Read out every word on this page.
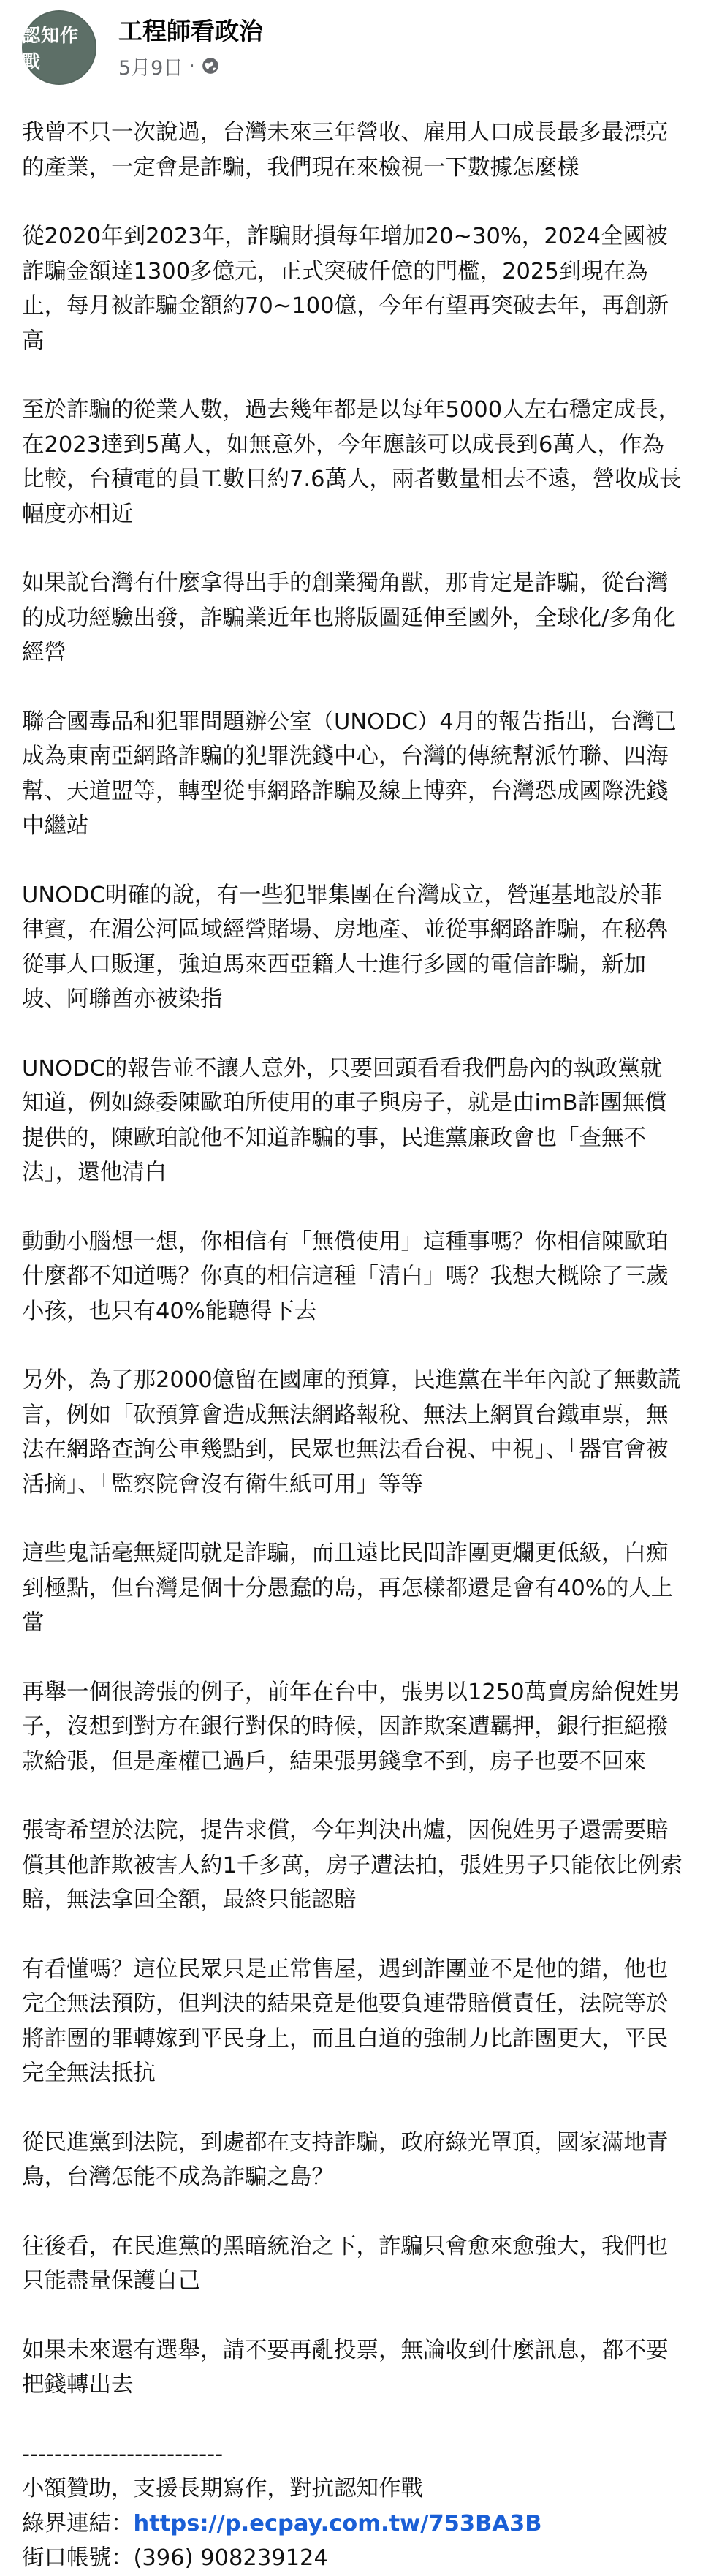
認知作戰
工程師看政治
5月9日 ·

我曾不只一次說過，台灣未來三年營收、雇用人口成長最多最漂亮的產業，一定會是詐騙，我們現在來檢視一下數據怎麼樣

從2020年到2023年，詐騙財損每年增加20~30%，2024全國被詐騙金額達1300多億元，正式突破仟億的門檻，2025到現在為止，每月被詐騙金額約70~100億，今年有望再突破去年，再創新高

至於詐騙的從業人數，過去幾年都是以每年5000人左右穩定成長，在2023達到5萬人，如無意外，今年應該可以成長到6萬人，作為比較，台積電的員工數目約7.6萬人，兩者數量相去不遠，營收成長幅度亦相近

如果說台灣有什麼拿得出手的創業獨角獸，那肯定是詐騙，從台灣的成功經驗出發，詐騙業近年也將版圖延伸至國外，全球化/多角化經營

聯合國毒品和犯罪問題辦公室（UNODC）4月的報告指出，台灣已成為東南亞網路詐騙的犯罪洗錢中心，台灣的傳統幫派竹聯、四海幫、天道盟等，轉型從事網路詐騙及線上博弈，台灣恐成國際洗錢中繼站

UNODC明確的說，有一些犯罪集團在台灣成立，營運基地設於菲律賓，在湄公河區域經營賭場、房地產、並從事網路詐騙，在秘魯從事人口販運，強迫馬來西亞籍人士進行多國的電信詐騙，新加坡、阿聯酋亦被染指

UNODC的報告並不讓人意外，只要回頭看看我們島內的執政黨就知道，例如綠委陳歐珀所使用的車子與房子，就是由imB詐團無償提供的，陳歐珀說他不知道詐騙的事，民進黨廉政會也「查無不法」，還他清白

動動小腦想一想，你相信有「無償使用」這種事嗎？你相信陳歐珀什麼都不知道嗎？你真的相信這種「清白」嗎？我想大概除了三歲小孩，也只有40%能聽得下去

另外，為了那2000億留在國庫的預算，民進黨在半年內說了無數謊言，例如「砍預算會造成無法網路報稅、無法上網買台鐵車票，無法在網路查詢公車幾點到，民眾也無法看台視、中視」、「器官會被活摘」、「監察院會沒有衛生紙可用」等等

這些鬼話毫無疑問就是詐騙，而且遠比民間詐團更爛更低級，白痴到極點，但台灣是個十分愚蠢的島，再怎樣都還是會有40%的人上當

再舉一個很誇張的例子，前年在台中，張男以1250萬賣房給倪姓男子，沒想到對方在銀行對保的時候，因詐欺案遭羈押，銀行拒絕撥款給張，但是產權已過戶，結果張男錢拿不到，房子也要不回來

張寄希望於法院，提告求償，今年判決出爐，因倪姓男子還需要賠償其他詐欺被害人約1千多萬，房子遭法拍，張姓男子只能依比例索賠，無法拿回全額，最終只能認賠

有看懂嗎？這位民眾只是正常售屋，遇到詐團並不是他的錯，他也完全無法預防，但判決的結果竟是他要負連帶賠償責任，法院等於將詐團的罪轉嫁到平民身上，而且白道的強制力比詐團更大，平民完全無法抵抗

從民進黨到法院，到處都在支持詐騙，政府綠光罩頂，國家滿地青鳥，台灣怎能不成為詐騙之島？

往後看，在民進黨的黑暗統治之下，詐騙只會愈來愈強大，我們也只能盡量保護自己

如果未來還有選舉，請不要再亂投票，無論收到什麼訊息，都不要把錢轉出去

-------------------------
小額贊助，支援長期寫作，對抗認知作戰
綠界連結：https://p.ecpay.com.tw/753BA3B
街口帳號：(396) 908239124
